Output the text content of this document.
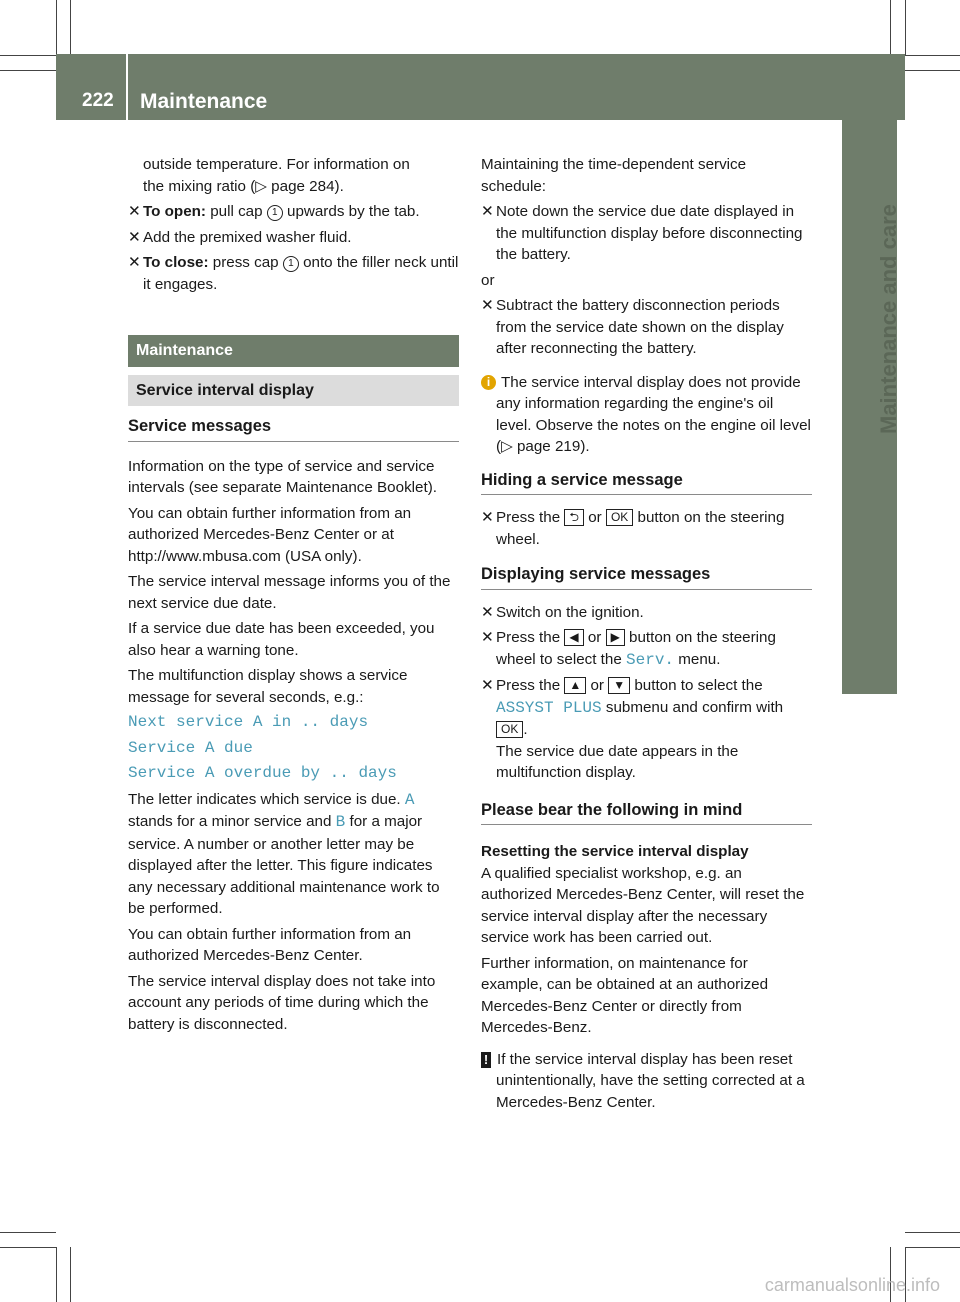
222 Maintenance
Maintenance and care

outside temperature. For information on
the mixing ratio (▷ page 284).

✕ To open: pull cap 1 upwards by the tab.
✕ Add the premixed washer fluid.
✕ To close: press cap 1 onto the filler neck until it engages.
Maintenance
Service interval display
Service messages

Information on the type of service and service intervals (see separate Maintenance Booklet).

You can obtain further information from an authorized Mercedes-Benz Center or at http://www.mbusa.com (USA only).

The service interval message informs you of the next service due date.

If a service due date has been exceeded, you also hear a warning tone.

The multifunction display shows a service message for several seconds, e.g.:

Next service A in .. days

Service A due

Service A overdue by .. days

The letter indicates which service is due. A stands for a minor service and B for a major service. A number or another letter may be displayed after the letter. This figure indicates any necessary additional maintenance work to be performed.

You can obtain further information from an authorized Mercedes-Benz Center.

The service interval display does not take into account any periods of time during which the battery is disconnected.

Maintaining the time-dependent service schedule:

✕ Note down the service due date displayed in the multifunction display before disconnecting the battery.

or

✕ Subtract the battery disconnection periods from the service date shown on the display after reconnecting the battery.

i The service interval display does not provide any information regarding the engine's oil level. Observe the notes on the engine oil level (▷ page 219).

Hiding a service message
✕ Press the ⮌ or OK button on the steering wheel.
Displaying service messages
✕ Switch on the ignition.
✕ Press the ◀ or ▶ button on the steering wheel to select the Serv. menu.
✕ Press the ▲ or ▼ button to select the ASSYST PLUS submenu and confirm with OK .
The service due date appears in the multifunction display.
Please bear the following in mind

Resetting the service interval display

A qualified specialist workshop, e.g. an authorized Mercedes-Benz Center, will reset the service interval display after the necessary service work has been carried out.

Further information, on maintenance for example, can be obtained at an authorized Mercedes-Benz Center or directly from Mercedes-Benz.

! If the service interval display has been reset unintentionally, have the setting corrected at a Mercedes-Benz Center.

carmanualsonline.info
